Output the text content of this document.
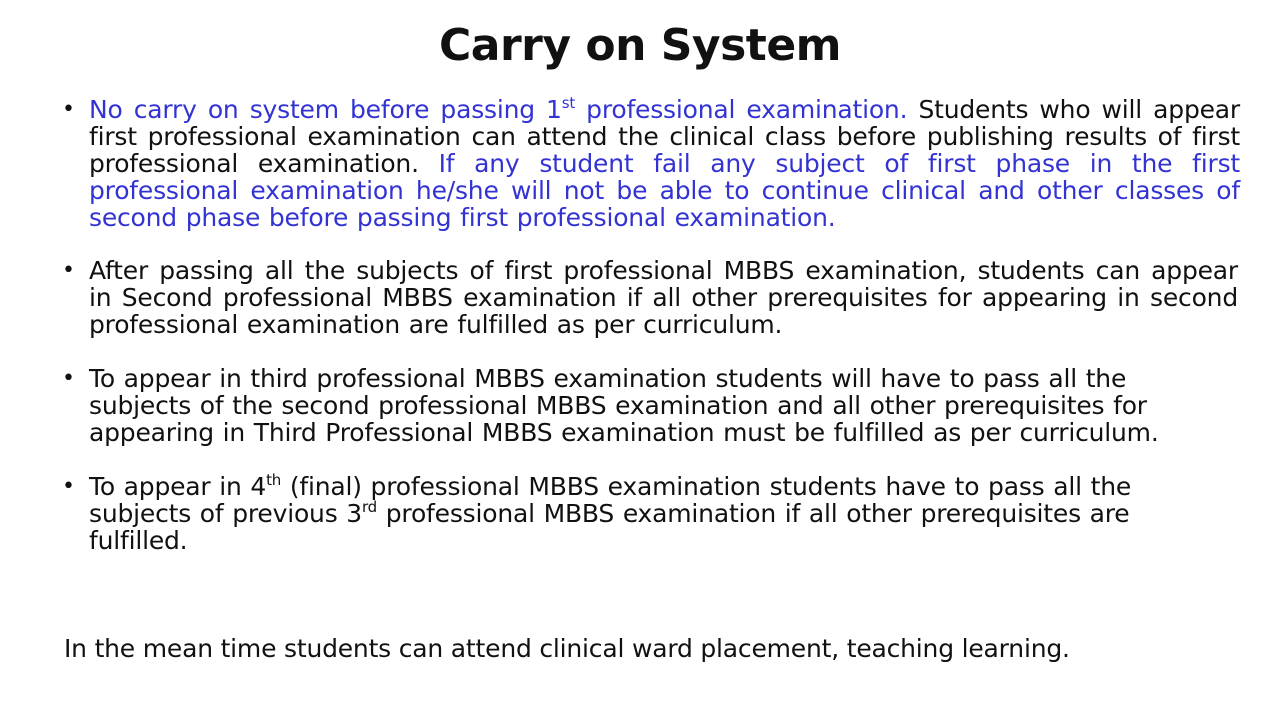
Carry on System
• No carry on system before passing 1st professional examination. Students who will appear first professional examination can attend the clinical class before publishing results of first professional examination. If any student fail any subject of first phase in the first professional examination he/she will not be able to continue clinical and other classes of second phase before passing first professional examination.
• After passing all the subjects of first professional MBBS examination, students can appear in Second professional MBBS examination if all other prerequisites for appearing in second professional examination are fulfilled as per curriculum.
• To appear in third professional MBBS examination students will have to pass all the subjects of the second professional MBBS examination and all other prerequisites for appearing in Third Professional MBBS examination must be fulfilled as per curriculum.
• To appear in 4th (final) professional MBBS examination students have to pass all the subjects of previous 3rd professional MBBS examination if all other prerequisites are fulfilled.
In the mean time students can attend clinical ward placement, teaching learning.
